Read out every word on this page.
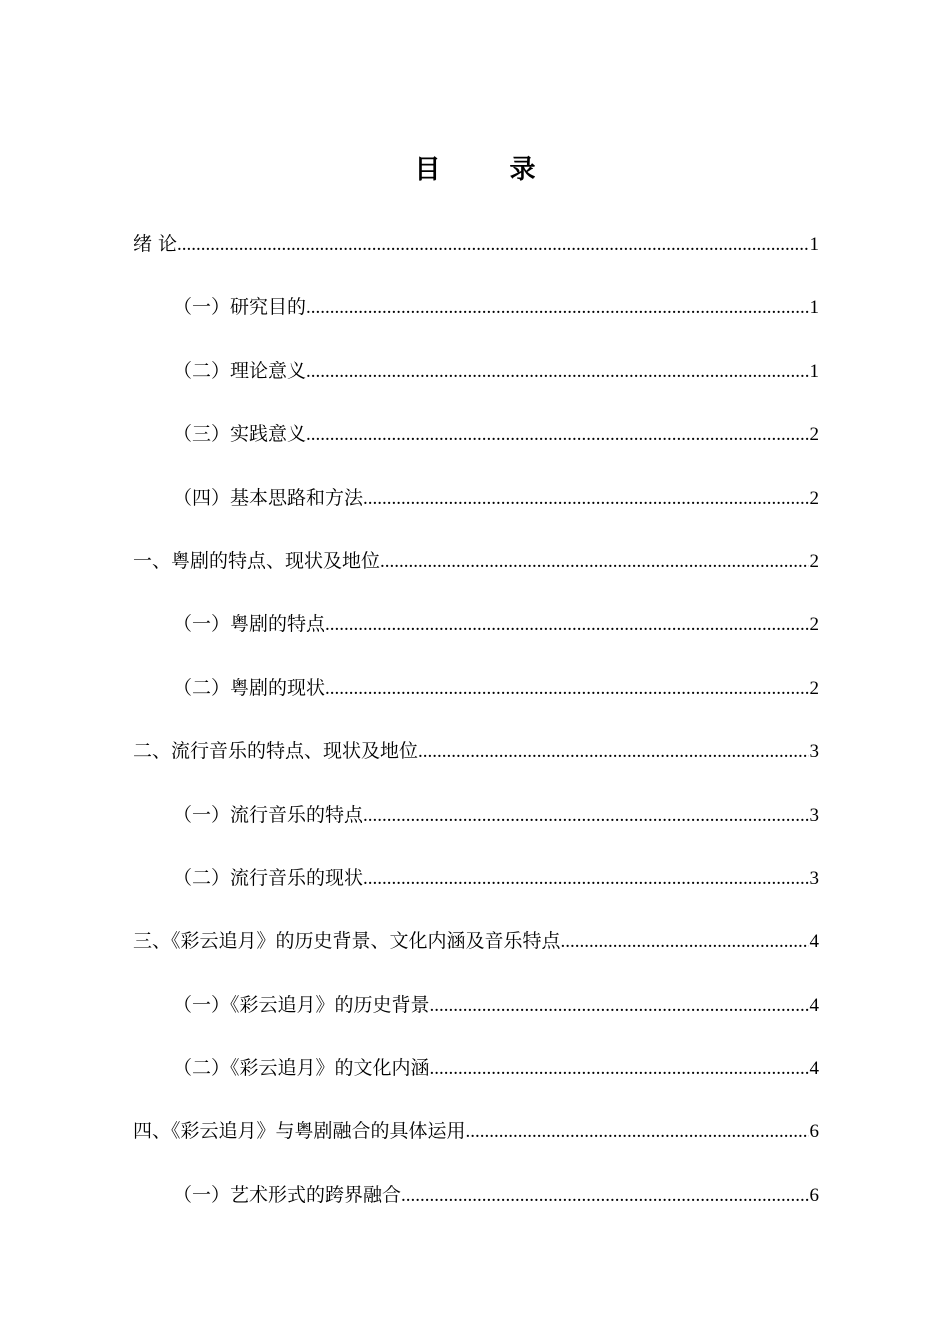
目 录
绪 论 .....	1
（一）研究目的 .....	1
（二）理论意义 .....	1
（三）实践意义 .....	2
（四）基本思路和方法 .....	2
一、粤剧的特点、现状及地位 .....	2
（一）粤剧的特点 .....	2
（二）粤剧的现状 .....	2
二、流行音乐的特点、现状及地位 .....	3
（一）流行音乐的特点 .....	3
（二）流行音乐的现状 .....	3
三、《彩云追月》的历史背景、文化内涵及音乐特点 .....	4
（一）《彩云追月》的历史背景 .....	4
（二）《彩云追月》的文化内涵 .....	4
四、《彩云追月》与粤剧融合的具体运用 .....	6
（一）艺术形式的跨界融合 .....	6
